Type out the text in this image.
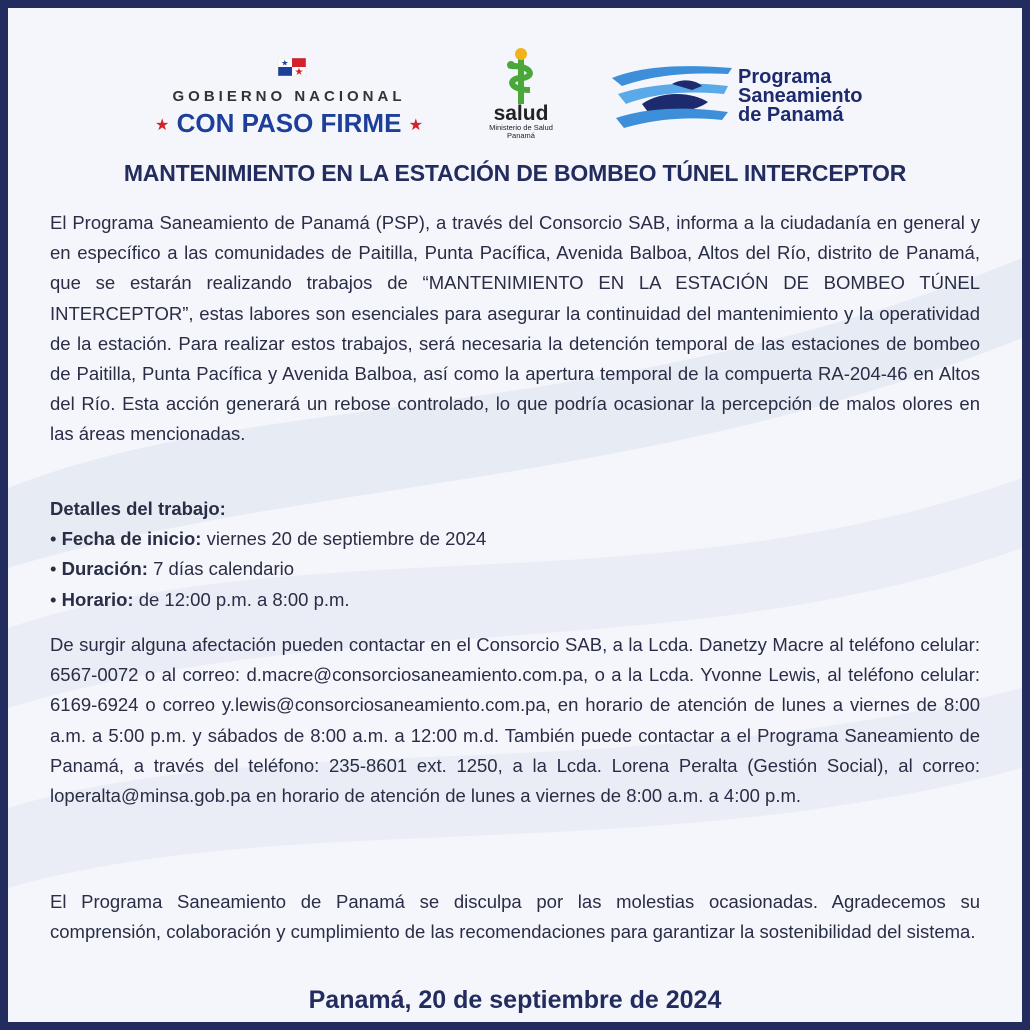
GOBIERNO NACIONAL
★ CON PASO FIRME ★
salud
Ministerio de Salud
Panamá
Programa
Saneamiento
de Panamá
MANTENIMIENTO EN LA ESTACIÓN DE BOMBEO TÚNEL INTERCEPTOR
El Programa Saneamiento de Panamá (PSP), a través del Consorcio SAB, informa a la ciudadanía en general y en específico a las comunidades de Paitilla, Punta Pacífica, Avenida Balboa, Altos del Río, distrito de Panamá, que se estarán realizando trabajos de “MANTENIMIENTO EN LA ESTACIÓN DE BOMBEO TÚNEL INTERCEPTOR”, estas labores son esenciales para asegurar la continuidad del mantenimiento y la operatividad de la estación. Para realizar estos trabajos, será necesaria la detención temporal de las estaciones de bombeo de Paitilla, Punta Pacífica y Avenida Balboa, así como la apertura temporal de la compuerta RA-204-46 en Altos del Río. Esta acción generará un rebose controlado, lo que podría ocasionar la percepción de malos olores en las áreas mencionadas.
Detalles del trabajo:
• Fecha de inicio: viernes 20 de septiembre de 2024
• Duración: 7 días calendario
• Horario: de 12:00 p.m. a 8:00 p.m.
De surgir alguna afectación pueden contactar en el Consorcio SAB, a la Lcda. Danetzy Macre al teléfono celular: 6567-0072 o al correo: d.macre@consorciosaneamiento.com.pa, o a la Lcda. Yvonne Lewis, al teléfono celular: 6169-6924 o correo y.lewis@consorciosaneamiento.com.pa, en horario de atención de lunes a viernes de 8:00 a.m. a 5:00 p.m. y sábados de 8:00 a.m. a 12:00 m.d. También puede contactar a el Programa Saneamiento de Panamá, a través del teléfono: 235-8601 ext. 1250, a la Lcda. Lorena Peralta (Gestión Social), al correo: loperalta@minsa.gob.pa en horario de atención de lunes a viernes de 8:00 a.m. a 4:00 p.m.
El Programa Saneamiento de Panamá se disculpa por las molestias ocasionadas. Agradecemos su comprensión, colaboración y cumplimiento de las recomendaciones para garantizar la sostenibilidad del sistema.
Panamá, 20 de septiembre de 2024
